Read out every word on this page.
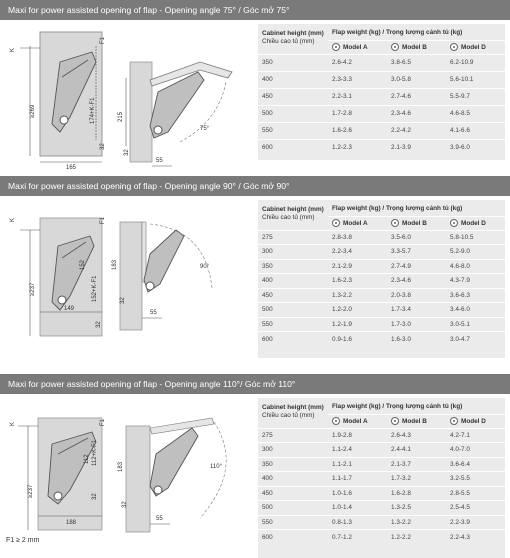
Maxi for power assisted opening of flap - Opening angle 75° / Góc mở 75°
≥269	174+K-F1
F1
K
165
32
75°
215
32
55
Cabinet height (mm)
Chiều cao tủ (mm)	Flap weight (kg) / Trọng lượng cánh tủ (kg)		
	Model A	Model B	Model D
350	2.6-4.2	3.8-6.5	6.2-10.9
400	2.3-3.3	3.0-5.8	5.6-10.1
450	2.2-3.1	2.7-4.6	5.5-9.7
500	1.7-2.8	2.3-4.6	4.6-8.5
550	1.6-2.6	2.2-4.2	4.1-6.6
600	1.2-2.3	2.1-3.9	3.9-6.0
Maxi for power assisted opening of flap - Opening angle 90° / Góc mở 90°
≥237
152
152+K-F1
F1
K
149
32
90°
183
32
55
Cabinet height (mm)
Chiều cao tủ (mm)	Flap weight (kg) / Trọng lượng cánh tủ (kg)		
	Model A	Model B	Model D
275	2.8-3.8	3.5-6.0	5.8-10.5
300	2.2-3.4	3.3-5.7	5.2-9.0
350	2.1-2.9	2.7-4.9	4.6-8.0
400	1.6-2.3	2.3-4.6	4.3-7.9
450	1.3-2.2	2.0-3.8	3.6-6.3
500	1.2-2.0	1.7-3.4	3.4-6.0
550	1.2-1.9	1.7-3.0	3.0-5.1
600	0.9-1.6	1.6-3.0	3.0-4.7
Maxi for power assisted opening of flap - Opening angle 110°/ Góc mở 110°
≥237
112 112+K-F1
F1
K
188
32
F1 ≥ 2 mm
110°
183
32
55
Cabinet height (mm)
Chiều cao tủ (mm)	Flap weight (kg) / Trọng lượng cánh tủ (kg)		
	Model A	Model B	Model D
275	1.9-2.8	2.6-4.3	4.2-7.1
300	1.1-2.4	2.4-4.1	4.0-7.0
350	1.1-2.1	2.1-3.7	3.6-6.4
400	1.1-1.7	1.7-3.2	3.2-5.5
450	1.0-1.6	1.6-2.8	2.8-5.5
500	1.0-1.4	1.3-2.5	2.5-4.5
550	0.8-1.3	1.3-2.2	2.2-3.9
600	0.7-1.2	1.2-2.2	2.2-4.3
